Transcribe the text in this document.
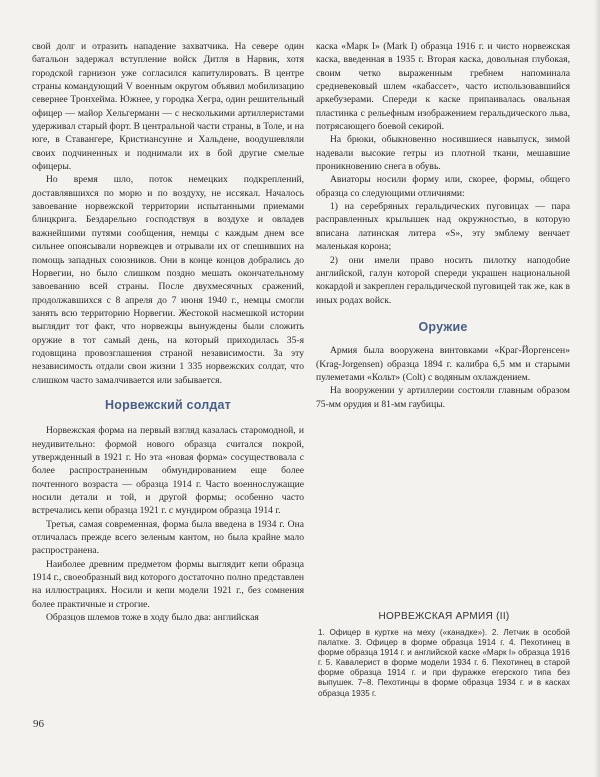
свой долг и отразить нападение захватчика. На севере один батальон задержал вступление войск Дитля в Нарвик, хотя городской гарнизон уже согласился капитулировать. В центре страны командующий V военным округом объявил мобилизацию севернее Тронхейма. Южнее, у городка Хегра, один решительный офицер — майор Хельгерманн — с несколькими артиллеристами удерживал старый форт. В центральной части страны, в Толе, и на юге, в Ставангере, Кристиансунне и Хальдене, воодушевляли своих подчиненных и поднимали их в бой другие смелые офицеры.

Но время шло, поток немецких подкреплений, доставлявшихся по морю и по воздуху, не иссякал. Началось завоевание норвежской территории испытанными приемами блицкрига. Бездарельно господствуя в воздухе и овладев важнейшими путями сообщения, немцы с каждым днем все сильнее опоясывали норвежцев и отрывали их от спешивших на помощь западных союзников. Они в конце концов добрались до Норвегии, но было слишком поздно мешать окончательному завоеванию всей страны. После двухмесячных сражений, продолжавшихся с 8 апреля до 7 июня 1940 г., немцы смогли занять всю территорию Норвегии. Жестокой насмешкой истории выглядит тот факт, что норвежцы вынуждены были сложить оружие в тот самый день, на который приходилась 35-я годовщина провозглашения страной независимости. За эту независимость отдали свои жизни 1 335 норвежских солдат, что слишком часто замалчивается или забывается.

Норвежский солдат

Норвежская форма на первый взгляд казалась старомодной, и неудивительно: формой нового образца считался покрой, утвержденный в 1921 г. Но эта «новая форма» сосуществовала с более распространенным обмундированием еще более почтенного возраста — образца 1914 г. Часто военнослужащие носили детали и той, и другой формы; особенно часто встречались кепи образца 1921 г. с мундиром образца 1914 г.

Третья, самая современная, форма была введена в 1934 г. Она отличалась прежде всего зеленым кантом, но была крайне мало распространена.

Наиболее древним предметом формы выглядит кепи образца 1914 г., своеобразный вид которого достаточно полно представлен на иллюстрациях. Носили и кепи модели 1921 г., без сомнения более практичные и строгие.

Образцов шлемов тоже в ходу было два: английская

каска «Марк I» (Mark I) образца 1916 г. и чисто норвежская каска, введенная в 1935 г. Вторая каска, довольная глубокая, своим четко выраженным гребнем напоминала средневековый шлем «кабассет», часто использовавшийся аркебузерами. Спереди к каске припаивалась овальная пластинка с рельефным изображением геральдического льва, потрясающего боевой секирой.

На брюки, обыкновенно носившиеся навыпуск, зимой надевали высокие гетры из плотной ткани, мешавшие проникновению снега в обувь.

Авиаторы носили форму или, скорее, формы, общего образца со следующими отличиями:

1) на серебряных геральдических пуговицах — пара расправленных крылышек над окружностью, в которую вписана латинская литера «S», эту эмблему венчает маленькая корона;

2) они имели право носить пилотку наподобие английской, галун которой спереди украшен национальной кокардой и закреплен геральдической пуговицей так же, как в иных родах войск.

Оружие

Армия была вооружена винтовками «Краг-Йоргенсен» (Krag-Jorgensen) образца 1894 г. калибра 6,5 мм и старыми пулеметами «Кольт» (Colt) с водяным охлаждением.

На вооружении у артиллерии состояли главным образом 75-мм орудия и 81-мм гаубицы.

НОРВЕЖСКАЯ АРМИЯ (II)
1. Офицер в куртке на меху («канадке»). 2. Летчик в особой палатке. 3. Офицер в форме образца 1914 г. 4. Пехотинец в форме образца 1914 г. и английской каске «Марк I» образца 1916 г. 5. Кавалерист в форме модели 1934 г. 6. Пехотинец в старой форме образца 1914 г. и при фуражке егерского типа без выпушек. 7–8. Пехотинцы в форме образца 1934 г. и в касках образца 1935 г.
96
